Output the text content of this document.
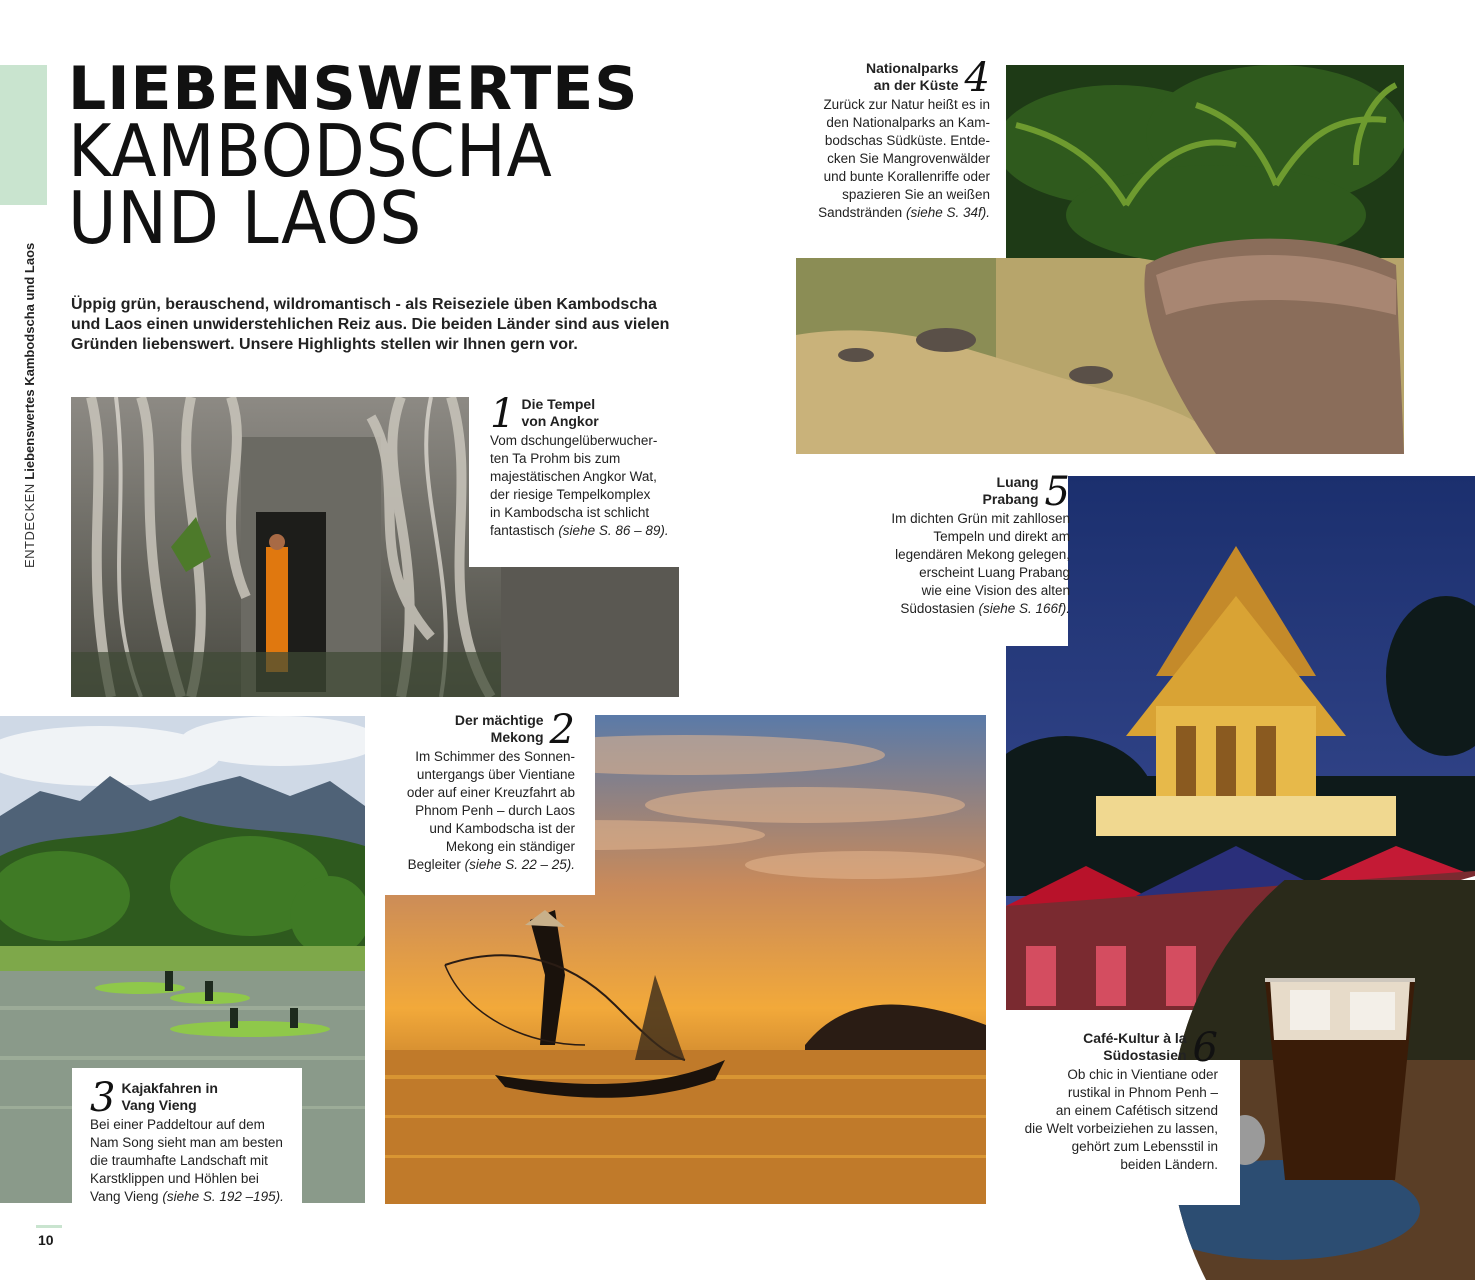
ENTDECKEN Liebenswertes Kambodscha und Laos
LIEBENSWERTES
KAMBODSCHA
UND LAOS
Üppig grün, berauschend, wildromantisch - als Reiseziele üben Kambodscha und Laos einen unwiderstehlichen Reiz aus. Die beiden Länder sind aus vielen Gründen liebenswert. Unsere Highlights stellen wir Ihnen gern vor.
1 Die Tempel
von Angkor
Vom dschungelüberwucher-
ten Ta Prohm bis zum
majestätischen Angkor Wat,
der riesige Tempelkomplex
in Kambodscha ist schlicht
fantastisch (siehe S. 86 – 89).
Nationalparks
an der Küste 4
Zurück zur Natur heißt es in
den Nationalparks an Kam-
bodschas Südküste. Entde-
cken Sie Mangrovenwälder
und bunte Korallenriffe oder
spazieren Sie an weißen
Sandstränden (siehe S. 34f).
Luang
Prabang 5
Im dichten Grün mit zahllosen
Tempeln und direkt am
legendären Mekong gelegen,
erscheint Luang Prabang
wie eine Vision des alten
Südostasien (siehe S. 166f).
Café-Kultur à la
Südostasien 6
Ob chic in Vientiane oder
rustikal in Phnom Penh –
an einem Cafétisch sitzend
die Welt vorbeiziehen zu lassen,
gehört zum Lebensstil in
beiden Ländern.
3 Kajakfahren in
Vang Vieng
Bei einer Paddeltour auf dem
Nam Song sieht man am besten
die traumhafte Landschaft mit
Karstklippen und Höhlen bei
Vang Vieng (siehe S. 192 –195).
Der mächtige
Mekong 2
Im Schimmer des Sonnen-
untergangs über Vientiane
oder auf einer Kreuzfahrt ab
Phnom Penh – durch Laos
und Kambodscha ist der
Mekong ein ständiger
Begleiter (siehe S. 22 – 25).
10
